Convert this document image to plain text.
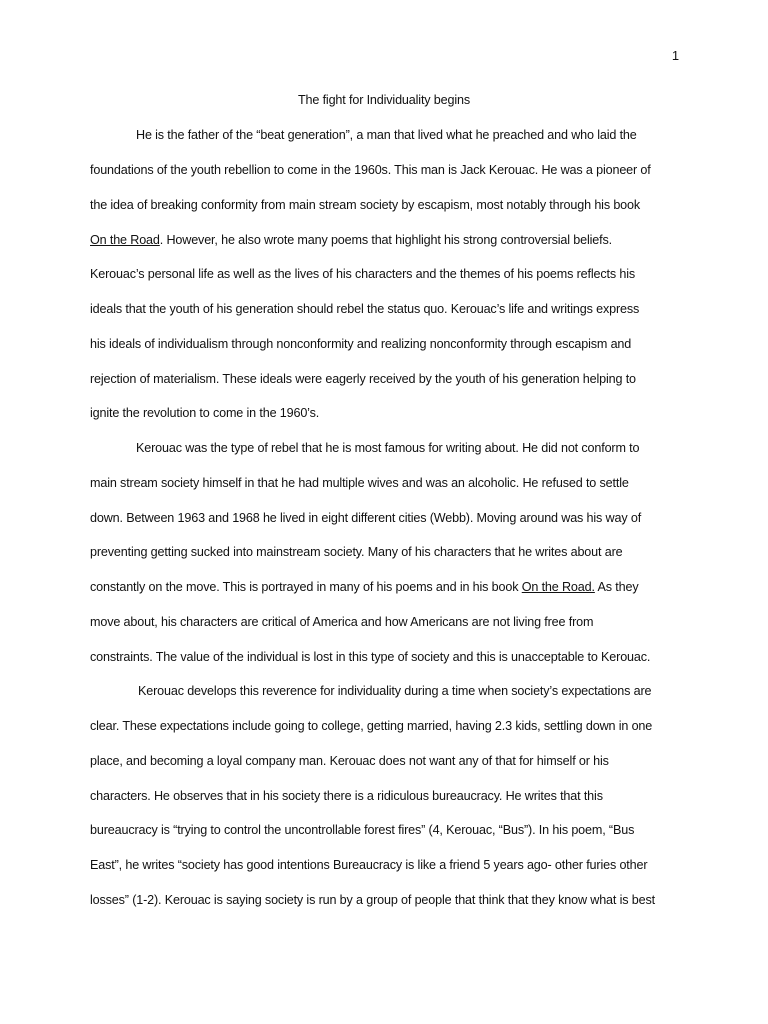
1
The fight for Individuality begins
He is the father of the “beat generation”, a man that lived what he preached and who laid the
foundations of the youth rebellion to come in the 1960s. This man is Jack Kerouac. He was a pioneer of
the idea of breaking conformity from main stream society by escapism, most notably through his book
On the Road. However, he also wrote many poems that highlight his strong controversial beliefs.
Kerouac’s personal life as well as the lives of his characters and the themes of his poems reflects his
ideals that the youth of his generation should rebel the status quo. Kerouac’s life and writings express
his ideals of individualism through nonconformity and realizing nonconformity through escapism and
rejection of materialism. These ideals were eagerly received by the youth of his generation helping to
ignite the revolution to come in the 1960’s.
Kerouac was the type of rebel that he is most famous for writing about. He did not conform to
main stream society himself in that he had multiple wives and was an alcoholic. He refused to settle
down. Between 1963 and 1968 he lived in eight different cities (Webb). Moving around was his way of
preventing getting sucked into mainstream society. Many of his characters that he writes about are
constantly on the move. This is portrayed in many of his poems and in his book On the Road. As they
move about, his characters are critical of America and how Americans are not living free from
constraints. The value of the individual is lost in this type of society and this is unacceptable to Kerouac.
Kerouac develops this reverence for individuality during a time when society’s expectations are
clear. These expectations include going to college, getting married, having 2.3 kids, settling down in one
place, and becoming a loyal company man. Kerouac does not want any of that for himself or his
characters. He observes that in his society there is a ridiculous bureaucracy. He writes that this
bureaucracy is “trying to control the uncontrollable forest fires” (4, Kerouac, “Bus”). In his poem, “Bus
East”, he writes “society has good intentions Bureaucracy is like a friend 5 years ago- other furies other
losses” (1-2). Kerouac is saying society is run by a group of people that think that they know what is best
